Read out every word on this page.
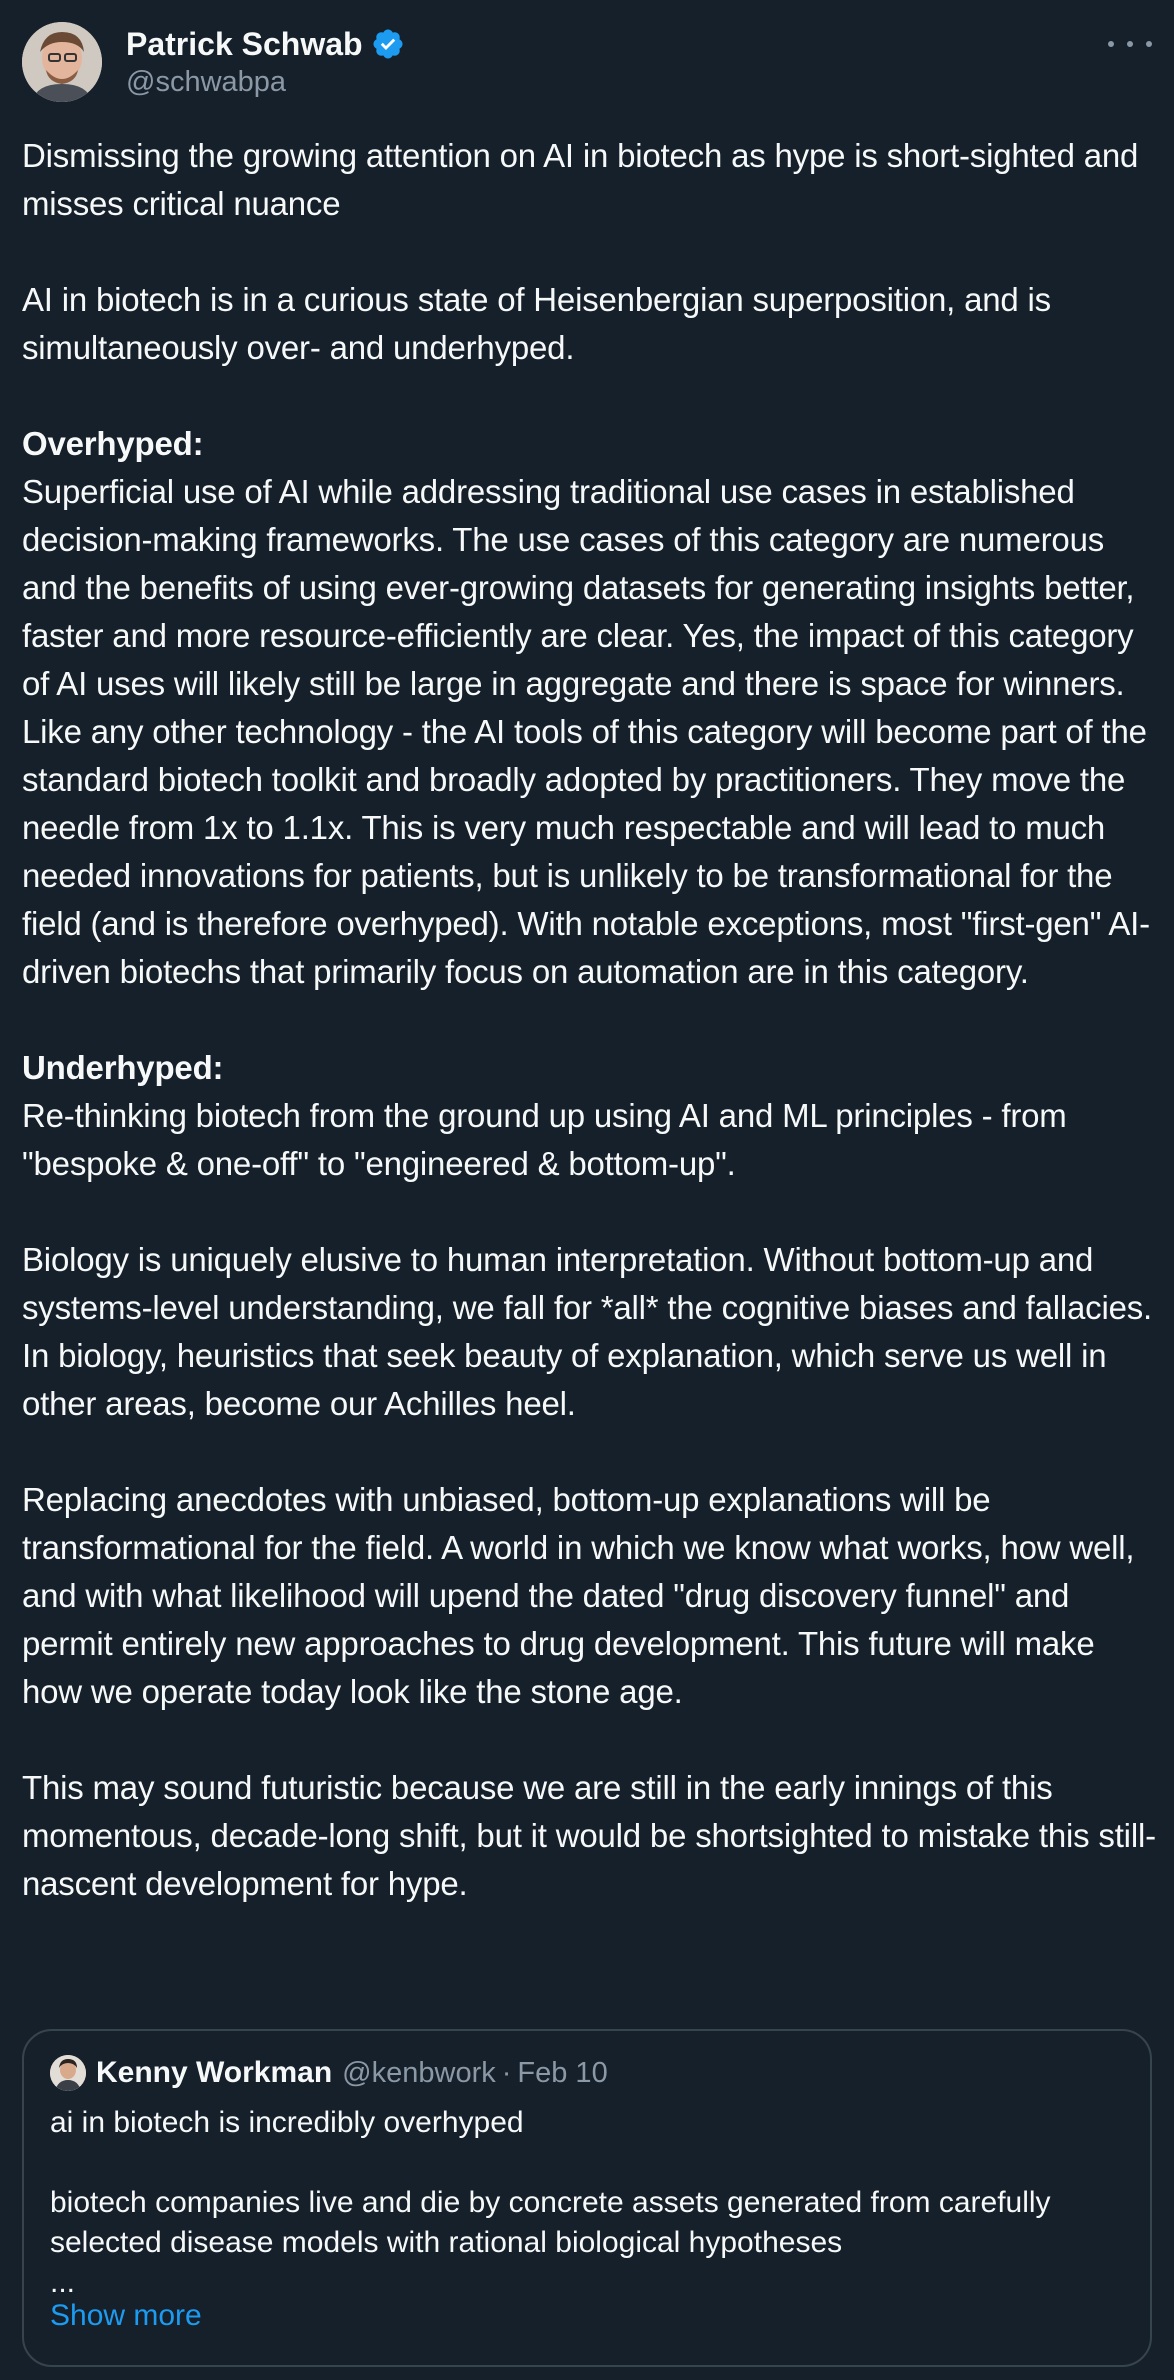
Patrick Schwab
@schwabpa

Dismissing the growing attention on AI in biotech as hype is short-sighted and misses critical nuance

AI in biotech is in a curious state of Heisenbergian superposition, and is simultaneously over- and underhyped.

Overhyped:
Superficial use of AI while addressing traditional use cases in established decision-making frameworks. The use cases of this category are numerous and the benefits of using ever-growing datasets for generating insights better, faster and more resource-efficiently are clear. Yes, the impact of this category of AI uses will likely still be large in aggregate and there is space for winners. Like any other technology - the AI tools of this category will become part of the standard biotech toolkit and broadly adopted by practitioners. They move the needle from 1x to 1.1x. This is very much respectable and will lead to much needed innovations for patients, but is unlikely to be transformational for the field (and is therefore overhyped). With notable exceptions, most "first-gen" AI-driven biotechs that primarily focus on automation are in this category.
Underhyped:
Re-thinking biotech from the ground up using AI and ML principles - from "bespoke & one-off" to "engineered & bottom-up".

Biology is uniquely elusive to human interpretation. Without bottom-up and systems-level understanding, we fall for *all* the cognitive biases and fallacies. In biology, heuristics that seek beauty of explanation, which serve us well in other areas, become our Achilles heel.

Replacing anecdotes with unbiased, bottom-up explanations will be transformational for the field. A world in which we know what works, how well, and with what likelihood will upend the dated "drug discovery funnel" and permit entirely new approaches to drug development. This future will make how we operate today look like the stone age.

This may sound futuristic because we are still in the early innings of this momentous, decade-long shift, but it would be shortsighted to mistake this still-nascent development for hype.

Kenny Workman @kenbwork · Feb 10

ai in biotech is incredibly overhyped

biotech companies live and die by concrete assets generated from carefully selected disease models with rational biological hypotheses

...

Show more
